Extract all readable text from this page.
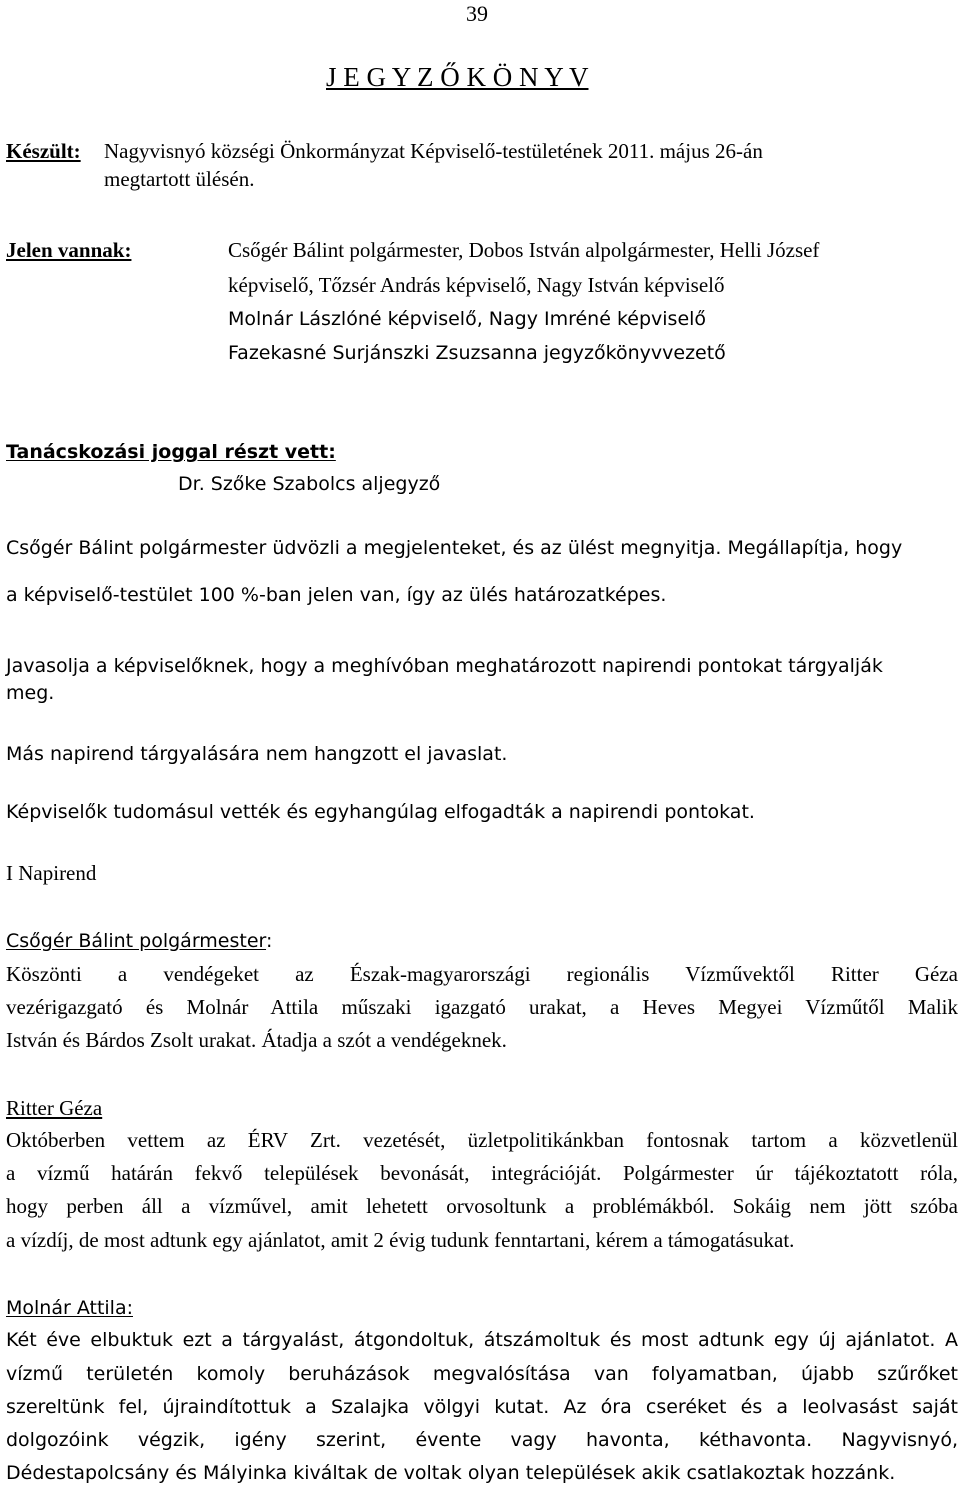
39

J E G Y Z Ő K Ö N Y V

Készült: Nagyvisnyó községi Önkormányzat Képviselő-testületének 2011. május 26-án

megtartott ülésén.

Jelen vannak:	Csőgér Bálint polgármester, Dobos István alpolgármester, Helli József

képviselő, Tőzsér András képviselő, Nagy István képviselő

Molnár Lászlóné képviselő, Nagy Imréné képviselő

Fazekasné Surjánszki Zsuzsanna jegyzőkönyvvezető

Tanácskozási joggal részt vett:

Dr. Szőke Szabolcs aljegyző

Csőgér Bálint polgármester üdvözli a megjelenteket, és az ülést megnyitja. Megállapítja, hogy

a képviselő-testület 100 %-ban jelen van, így az ülés határozatképes.

Javasolja a képviselőknek, hogy a meghívóban meghatározott napirendi pontokat tárgyalják

meg.

Más napirend tárgyalására nem hangzott el javaslat.

Képviselők tudomásul vették és egyhangúlag elfogadták a napirendi pontokat.

I Napirend

Csőgér Bálint polgármester:

Köszönti a vendégeket az Észak-magyarországi regionális Vízművektől Ritter Géza

vezérigazgató és Molnár Attila műszaki igazgató urakat, a Heves Megyei Vízműtől Malik

István és Bárdos Zsolt urakat. Átadja a szót a vendégeknek.

Ritter Géza

Októberben vettem az ÉRV Zrt. vezetését, üzletpolitikánkban fontosnak tartom a közvetlenül

a vízmű határán fekvő települések bevonását, integrációját. Polgármester úr tájékoztatott róla,

hogy perben áll a vízművel, amit lehetett orvosoltunk a problémákból. Sokáig nem jött szóba

a vízdíj, de most adtunk egy ajánlatot, amit 2 évig tudunk fenntartani, kérem a támogatásukat.

Molnár Attila:

Két éve elbuktuk ezt a tárgyalást, átgondoltuk, átszámoltuk és most adtunk egy új ajánlatot. A

vízmű területén komoly beruházások megvalósítása van folyamatban, újabb szűrőket

szereltünk fel, újraindítottuk a Szalajka völgyi kutat. Az óra cseréket és a leolvasást saját

dolgozóink végzik, igény szerint, évente vagy havonta, kéthavonta. Nagyvisnyó,

Dédestapolcsány és Mályinka kiváltak de voltak olyan települések akik csatlakoztak hozzánk.
